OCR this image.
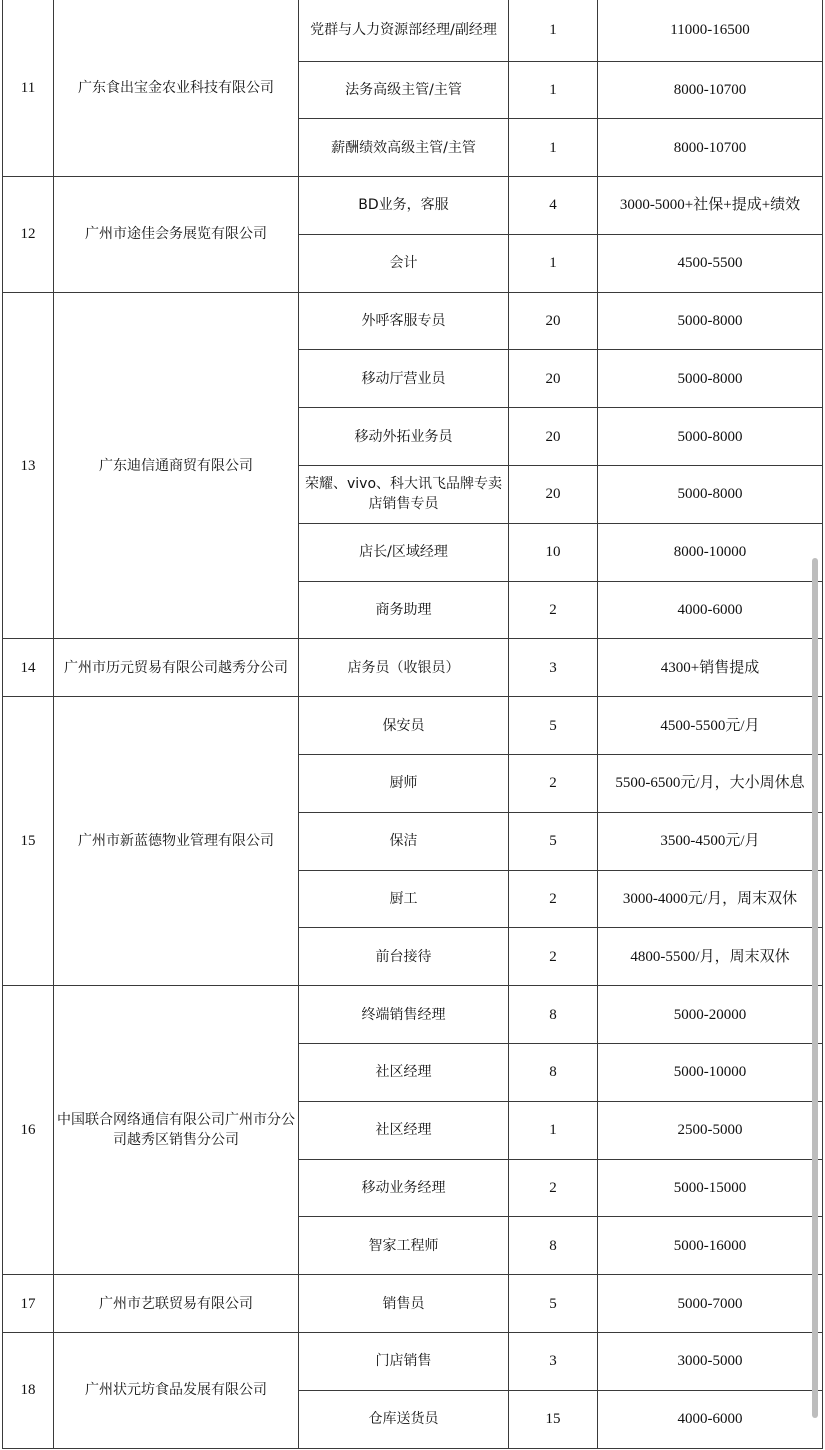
11	广东食出宝金农业科技有限公司	党群与人力资源部经理/副经理	1	11000-16500
		法务高级主管/主管	1	8000-10700
		薪酬绩效高级主管/主管	1	8000-10700
12	广州市途佳会务展览有限公司	BD业务，客服	4	3000-5000+社保+提成+绩效
		会计	1	4500-5500
13	广东迪信通商贸有限公司	外呼客服专员	20	5000-8000
		移动厅营业员	20	5000-8000
		移动外拓业务员	20	5000-8000
		荣耀、vivo、科大讯飞品牌专卖店销售专员	20	5000-8000
		店长/区域经理	10	8000-10000
		商务助理	2	4000-6000
14	广州市历元贸易有限公司越秀分公司	店务员（收银员）	3	4300+销售提成
15	广州市新蓝德物业管理有限公司	保安员	5	4500-5500元/月
		厨师	2	5500-6500元/月，大小周休息
		保洁	5	3500-4500元/月
		厨工	2	3000-4000元/月，周末双休
		前台接待	2	4800-5500/月，周末双休
16	中国联合网络通信有限公司广州市分公司越秀区销售分公司	终端销售经理	8	5000-20000
		社区经理	8	5000-10000
		社区经理	1	2500-5000
		移动业务经理	2	5000-15000
		智家工程师	8	5000-16000
17	广州市艺联贸易有限公司	销售员	5	5000-7000
18	广州状元坊食品发展有限公司	门店销售	3	3000-5000
		仓库送货员	15	4000-6000
